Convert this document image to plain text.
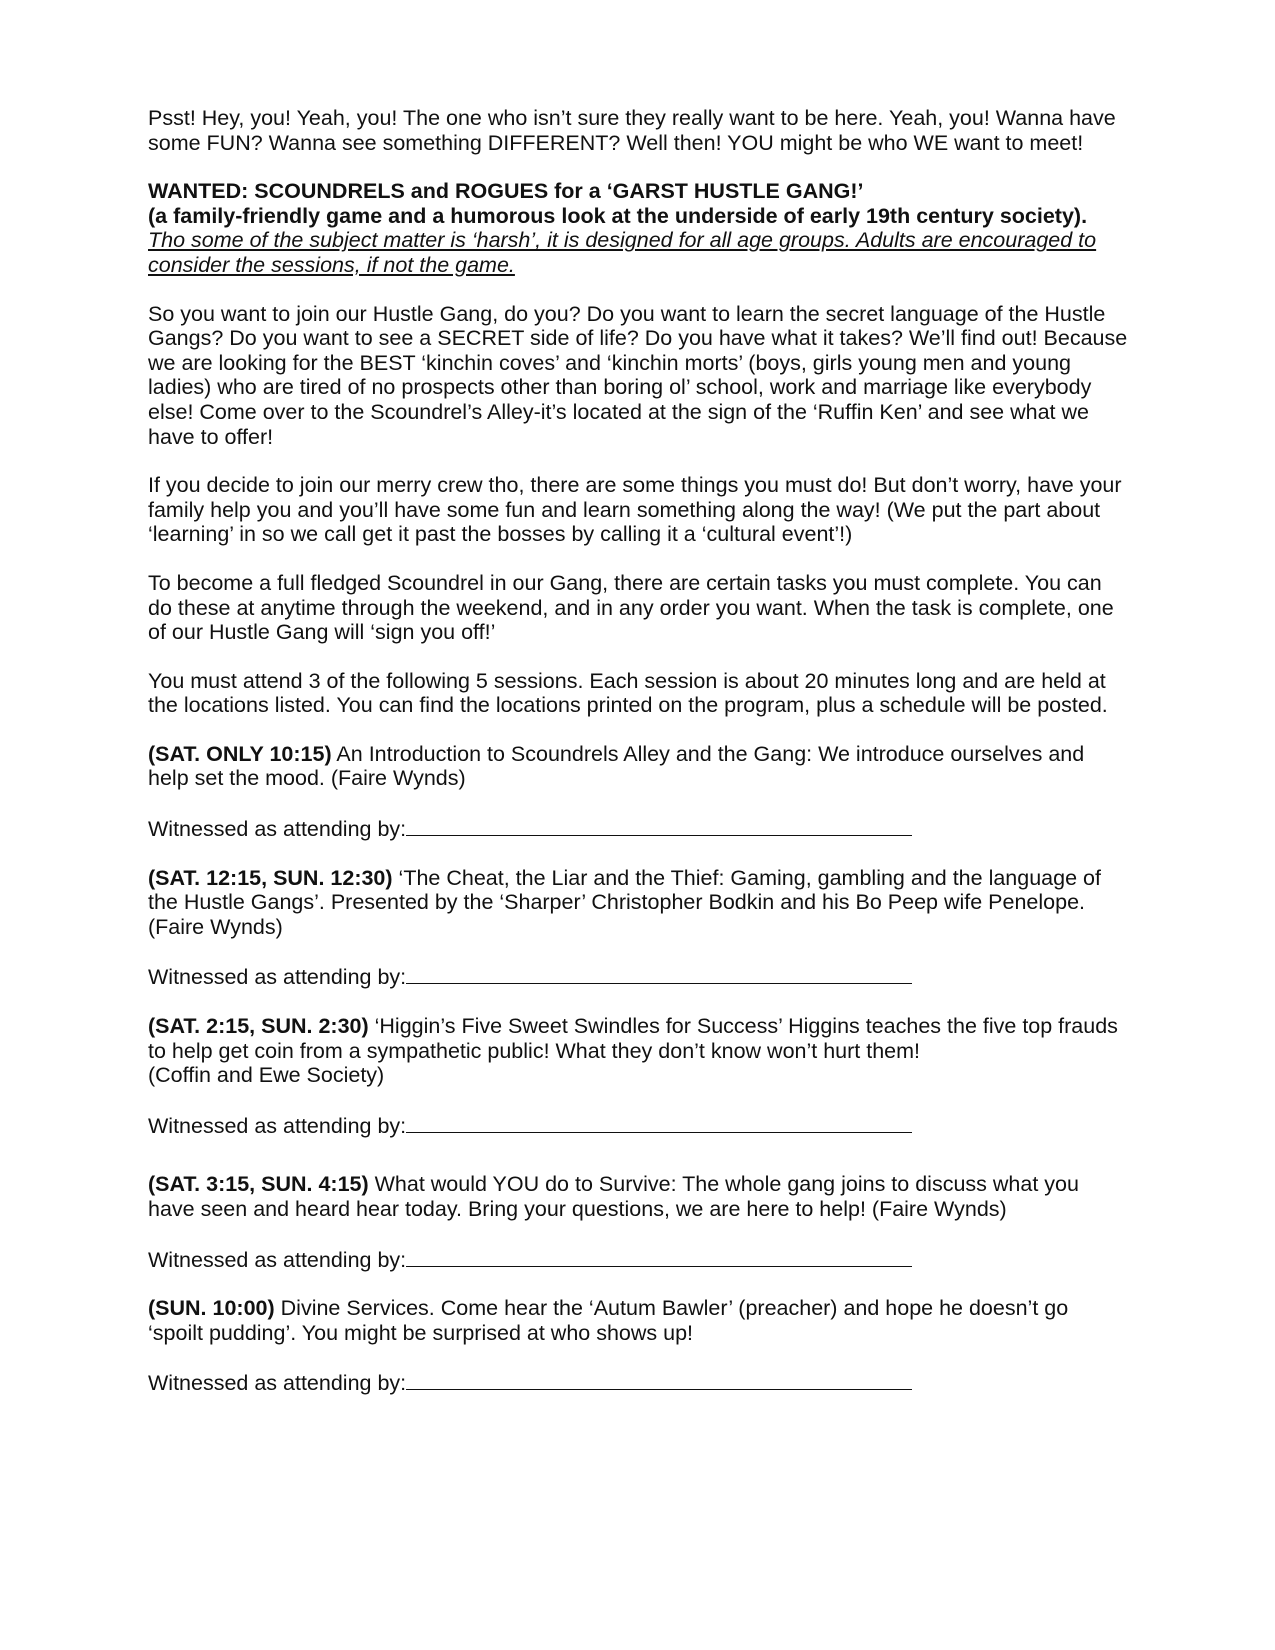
Psst! Hey, you! Yeah, you! The one who isn’t sure they really want to be here. Yeah, you! Wanna have some FUN? Wanna see something DIFFERENT? Well then! YOU might be who WE want to meet!

WANTED: SCOUNDRELS and ROGUES for a ‘GARST HUSTLE GANG!’

(a family-friendly game and a humorous look at the underside of early 19th century society). Tho some of the subject matter is ‘harsh’, it is designed for all age groups. Adults are encouraged to consider the sessions, if not the game.

So you want to join our Hustle Gang, do you? Do you want to learn the secret language of the Hustle Gangs? Do you want to see a SECRET side of life? Do you have what it takes? We’ll find out! Because we are looking for the BEST ‘kinchin coves’ and ‘kinchin morts’ (boys, girls young men and young ladies) who are tired of no prospects other than boring ol’ school, work and marriage like everybody else! Come over to the Scoundrel’s Alley-it’s located at the sign of the ‘Ruffin Ken’ and see what we have to offer!

If you decide to join our merry crew tho, there are some things you must do! But don’t worry, have your family help you and you’ll have some fun and learn something along the way! (We put the part about ‘learning’ in so we call get it past the bosses by calling it a ‘cultural event’!)

To become a full fledged Scoundrel in our Gang, there are certain tasks you must complete. You can do these at anytime through the weekend, and in any order you want. When the task is complete, one of our Hustle Gang will ‘sign you off!’

You must attend 3 of the following 5 sessions. Each session is about 20 minutes long and are held at the locations listed. You can find the locations printed on the program, plus a schedule will be posted.

(SAT. ONLY 10:15) An Introduction to Scoundrels Alley and the Gang: We introduce ourselves and help set the mood. (Faire Wynds)

Witnessed as attending by:

(SAT. 12:15, SUN. 12:30) ‘The Cheat, the Liar and the Thief: Gaming, gambling and the language of the Hustle Gangs’. Presented by the ‘Sharper’ Christopher Bodkin and his Bo Peep wife Penelope.
(Faire Wynds)

Witnessed as attending by:

(SAT. 2:15, SUN. 2:30) ‘Higgin’s Five Sweet Swindles for Success’ Higgins teaches the five top frauds to help get coin from a sympathetic public! What they don’t know won’t hurt them!
(Coffin and Ewe Society)

Witnessed as attending by:

(SAT. 3:15, SUN. 4:15) What would YOU do to Survive: The whole gang joins to discuss what you have seen and heard hear today. Bring your questions, we are here to help! (Faire Wynds)

Witnessed as attending by:

(SUN. 10:00) Divine Services. Come hear the ‘Autum Bawler’ (preacher) and hope he doesn’t go ‘spoilt pudding’. You might be surprised at who shows up!

Witnessed as attending by:
